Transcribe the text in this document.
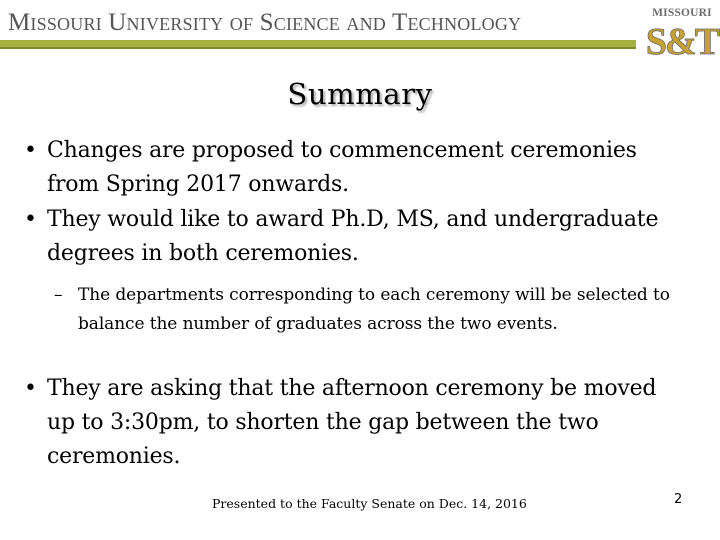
Missouri University of Science and Technology	MISSOURI
S&T
Summary
• Changes are proposed to commencement ceremonies from Spring 2017 onwards.
• They would like to award Ph.D, MS, and undergraduate degrees in both ceremonies.
– The departments corresponding to each ceremony will be selected to balance the number of graduates across the two events.
• They are asking that the afternoon ceremony be moved up to 3:30pm, to shorten the gap between the two ceremonies.
Presented to the Faculty Senate on Dec. 14, 2016	2
